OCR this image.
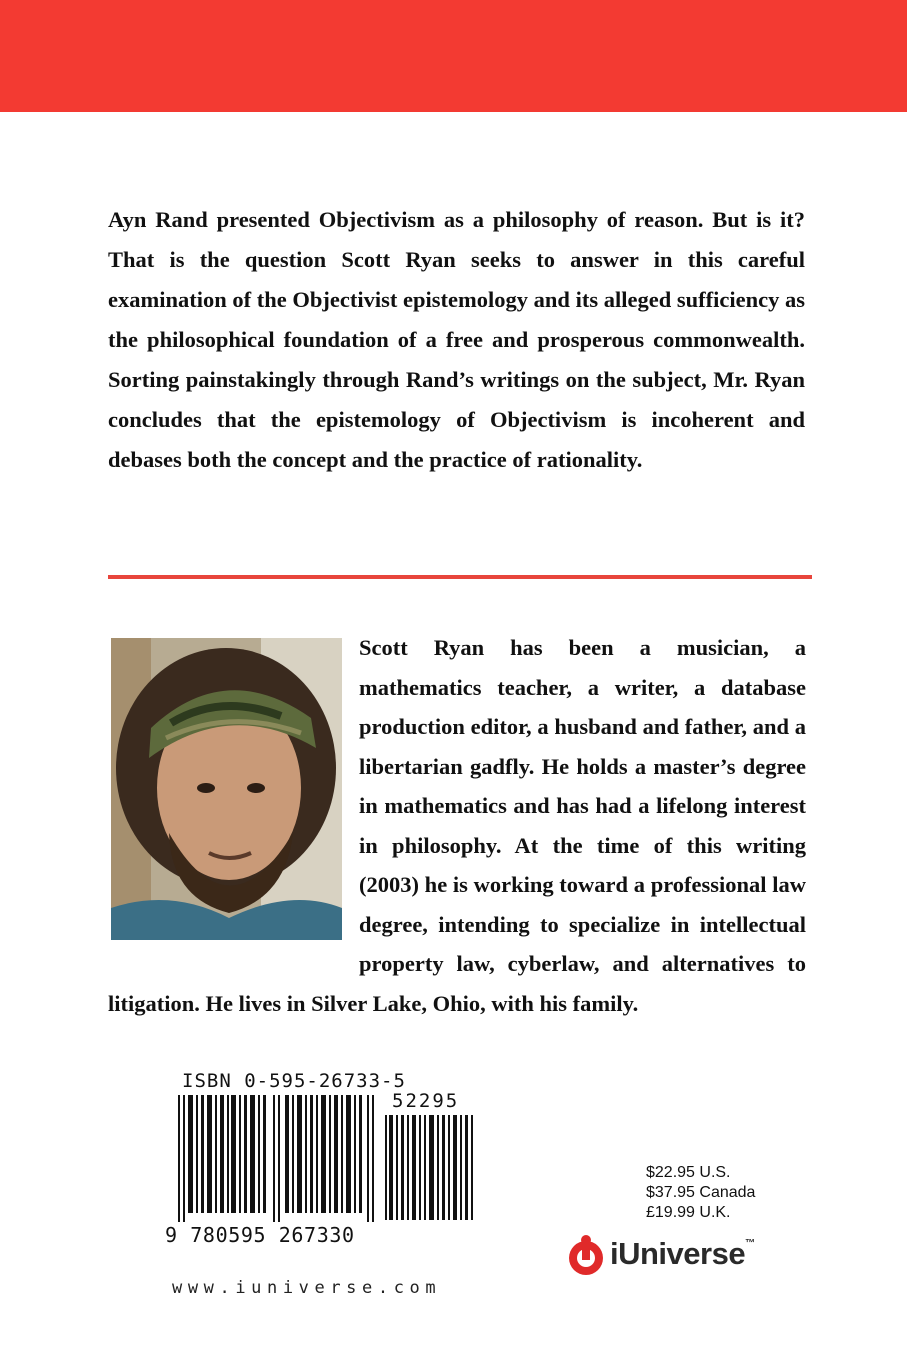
Ayn Rand presented Objectivism as a philosophy of reason. But is it? That is the question Scott Ryan seeks to answer in this careful examination of the Objectivist epistemology and its alleged sufficiency as the philosophical foundation of a free and prosperous commonwealth. Sorting painstakingly through Rand’s writings on the subject, Mr. Ryan concludes that the epistemology of Objectivism is incoherent and debases both the concept and the practice of rationality.
Scott Ryan has been a musician, a mathematics teacher, a writer, a database production editor, a husband and father, and a libertarian gadfly. He holds a master’s degree in mathematics and has had a lifelong interest in philosophy. At the time of this writing (2003) he is working toward a professional law degree, intending to specialize in intellectual property law, cyberlaw, and alternatives to litigation. He lives in Silver Lake, Ohio, with his family.
ISBN 0-595-26733-5
52295
9 780595 267330
www.iuniverse.com
$22.95 U.S.
$37.95 Canada
£19.99 U.K.
iUniverse™
